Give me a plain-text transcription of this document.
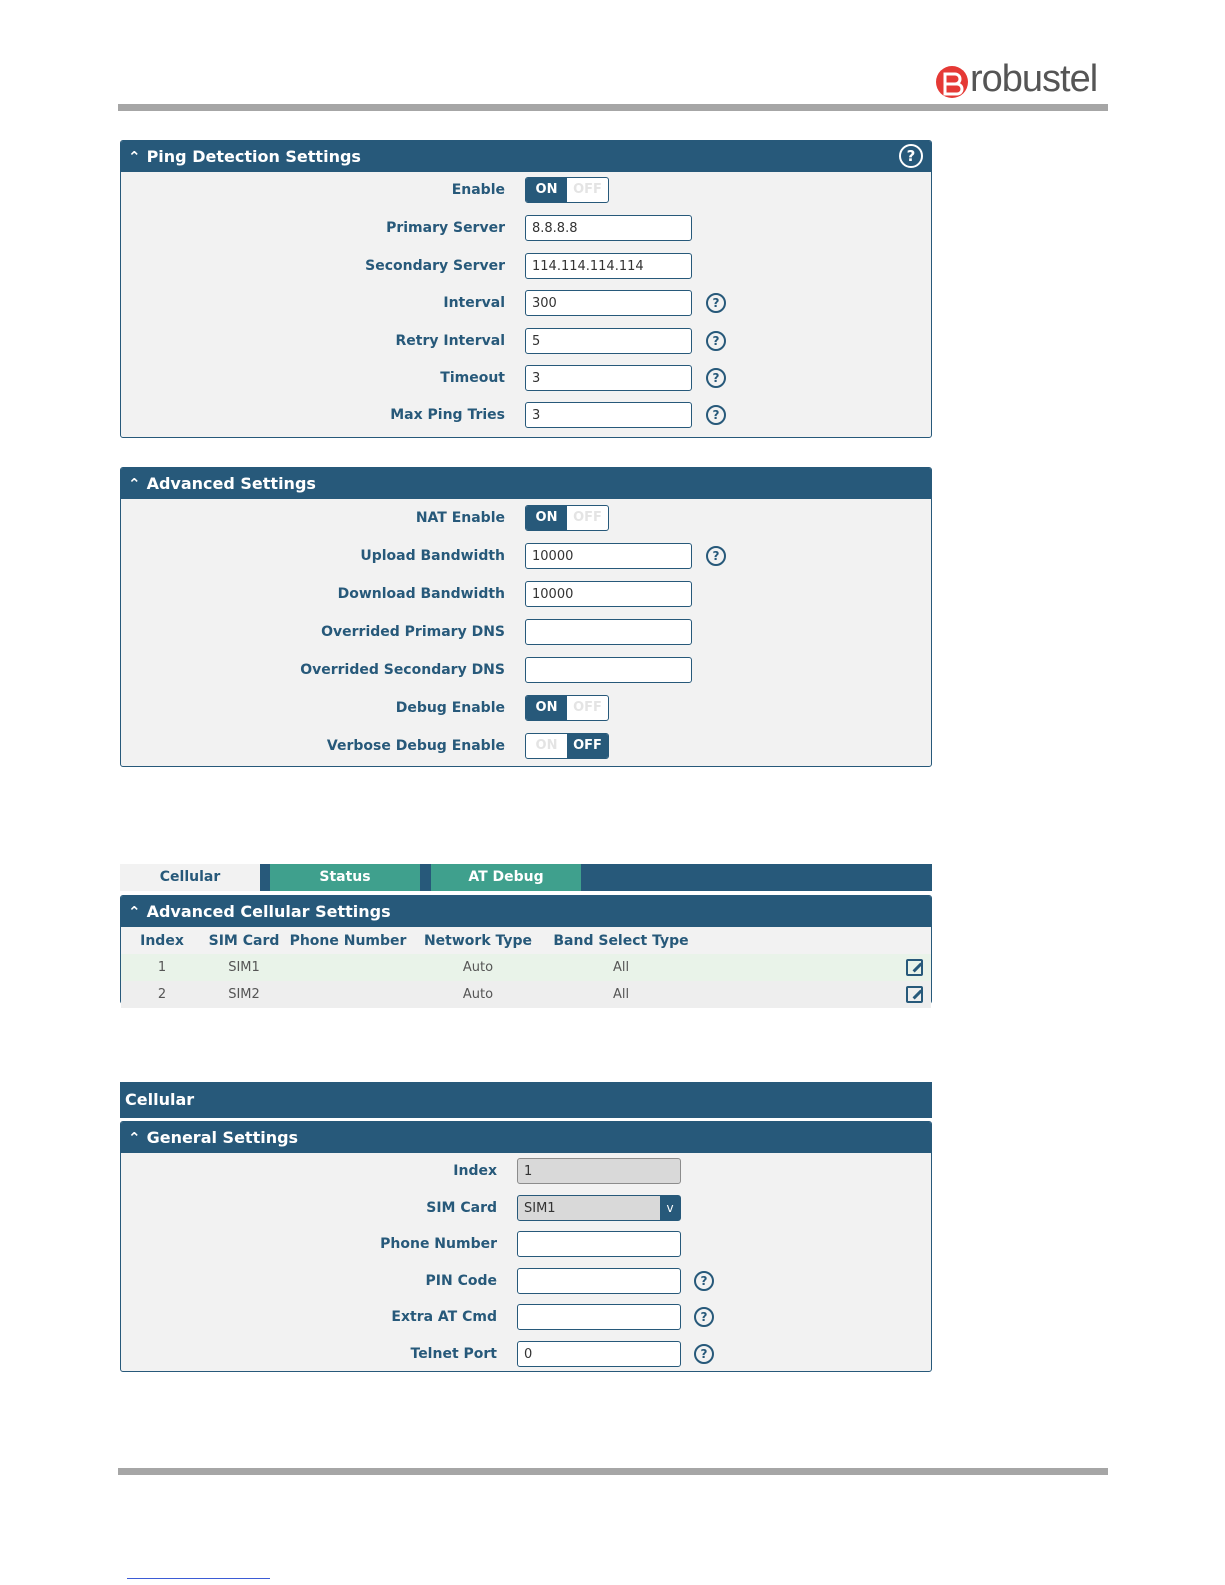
robustel
⌃ Ping Detection Settings	?
Enable	ON	OFF
Primary Server	8.8.8.8
Secondary Server	114.114.114.114
Interval	300	?
Retry Interval	5	?
Timeout	3	?
Max Ping Tries	3	?
⌃ Advanced Settings
NAT Enable	ON	OFF
Upload Bandwidth	10000	?
Download Bandwidth	10000
Overrided Primary DNS
Overrided Secondary DNS
Debug Enable	ON	OFF
Verbose Debug Enable	ON	OFF
Cellular	Status	AT Debug
⌃ Advanced Cellular Settings
Index	SIM Card	Phone Number	Network Type	Band Select Type	
1	SIM1		Auto	All	
2	SIM2		Auto	All	
Cellular
⌃ General Settings
Index	1
SIM Card	SIM1	v
Phone Number
PIN Code	?
Extra AT Cmd	?
Telnet Port	0	?
